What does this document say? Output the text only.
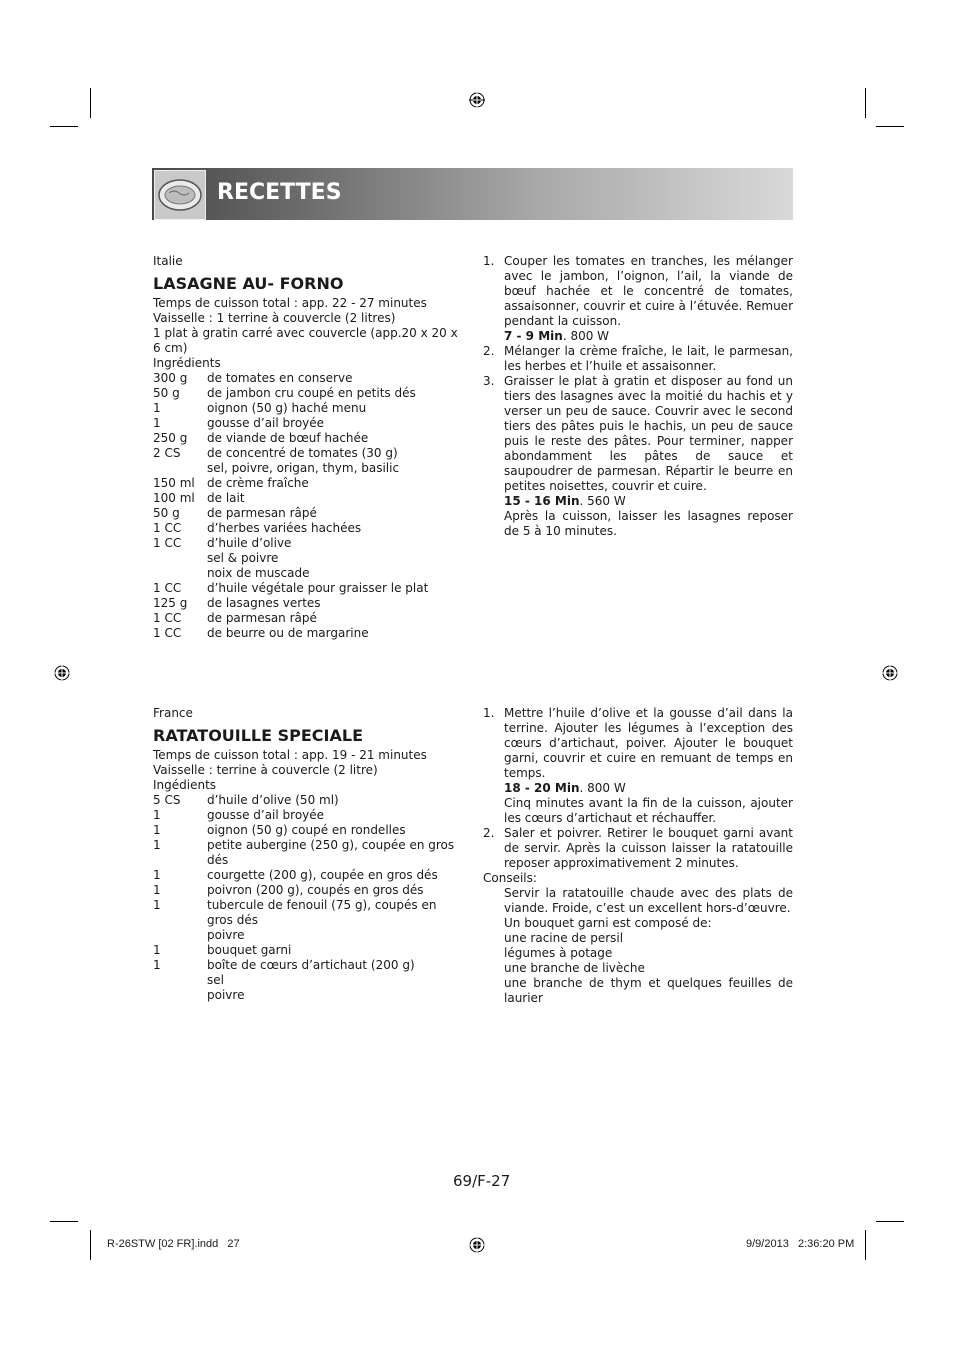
RECETTES
Italie
LASAGNE AU- FORNO
Temps de cuisson total : app. 22 - 27 minutes
Vaisselle : 1 terrine à couvercle (2 litres)
1 plat à gratin carré avec couvercle (app.20 x 20 x 6 cm)
Ingrédients
300 g	de tomates en conserve
50 g	de jambon cru coupé en petits dés
1	oignon (50 g) haché menu
1	gousse d’ail broyée
250 g	de viande de bœuf hachée
2 CS	de concentré de tomates (30 g)
sel, poivre, origan, thym, basilic
150 ml	de crème fraîche
100 ml	de lait
50 g	de parmesan râpé
1 CC	d’herbes variées hachées
1 CC	d’huile d’olive
sel & poivre
noix de muscade
1 CC	d’huile végétale pour graisser le plat
125 g	de lasagnes vertes
1 CC	de parmesan râpé
1 CC	de beurre ou de margarine
1. Couper les tomates en tranches, les mélanger avec le jambon, l’oignon, l’ail, la viande de bœuf hachée et le concentré de tomates, assaisonner, couvrir et cuire à l’étuvée. Remuer pendant la cuisson.

7 - 9 Min. 800 W

2. Mélanger la crème fraîche, le lait, le parmesan, les herbes et l’huile et assaisonner.

3. Graisser le plat à gratin et disposer au fond un tiers des lasagnes avec la moitié du hachis et y verser un peu de sauce. Couvrir avec le second tiers des pâtes puis le hachis, un peu de sauce puis le reste des pâtes. Pour terminer, napper abondamment les pâtes de sauce et saupoudrer de parmesan. Répartir le beurre en petites noisettes, couvrir et cuire.

15 - 16 Min. 560 W

Après la cuisson, laisser les lasagnes reposer de 5 à 10 minutes.

France
RATATOUILLE SPECIALE
Temps de cuisson total : app. 19 - 21 minutes
Vaisselle : terrine à couvercle (2 litre)
Ingédients
5 CS	d’huile d’olive (50 ml)
1	gousse d’ail broyée
1	oignon (50 g) coupé en rondelles
1	petite aubergine (250 g), coupée en gros dés
1	courgette (200 g), coupée en gros dés
1	poivron (200 g), coupés en gros dés
1	tubercule de fenouil (75 g), coupés en gros dés
poivre
1	bouquet garni
1	boîte de cœurs d’artichaut (200 g)
sel
poivre
1. Mettre l’huile d’olive et la gousse d’ail dans la terrine. Ajouter les légumes à l’exception des cœurs d’artichaut, poiver. Ajouter le bouquet garni, couvrir et cuire en remuant de temps en temps.

18 - 20 Min. 800 W

Cinq minutes avant la fin de la cuisson, ajouter les cœurs d’artichaut et réchauffer.

2. Saler et poivrer. Retirer le bouquet garni avant de servir. Après la cuisson laisser la ratatouille reposer approximativement 2 minutes.

Conseils:
Servir la ratatouille chaude avec des plats de viande. Froide, c’est un excellent hors-d’œuvre.
Un bouquet garni est composé de:
une racine de persil
légumes à potage
une branche de livèche
une branche de thym et quelques feuilles de laurier
69/F-27
R-26STW [02 FR].indd   27	9/9/2013   2:36:20 PM
